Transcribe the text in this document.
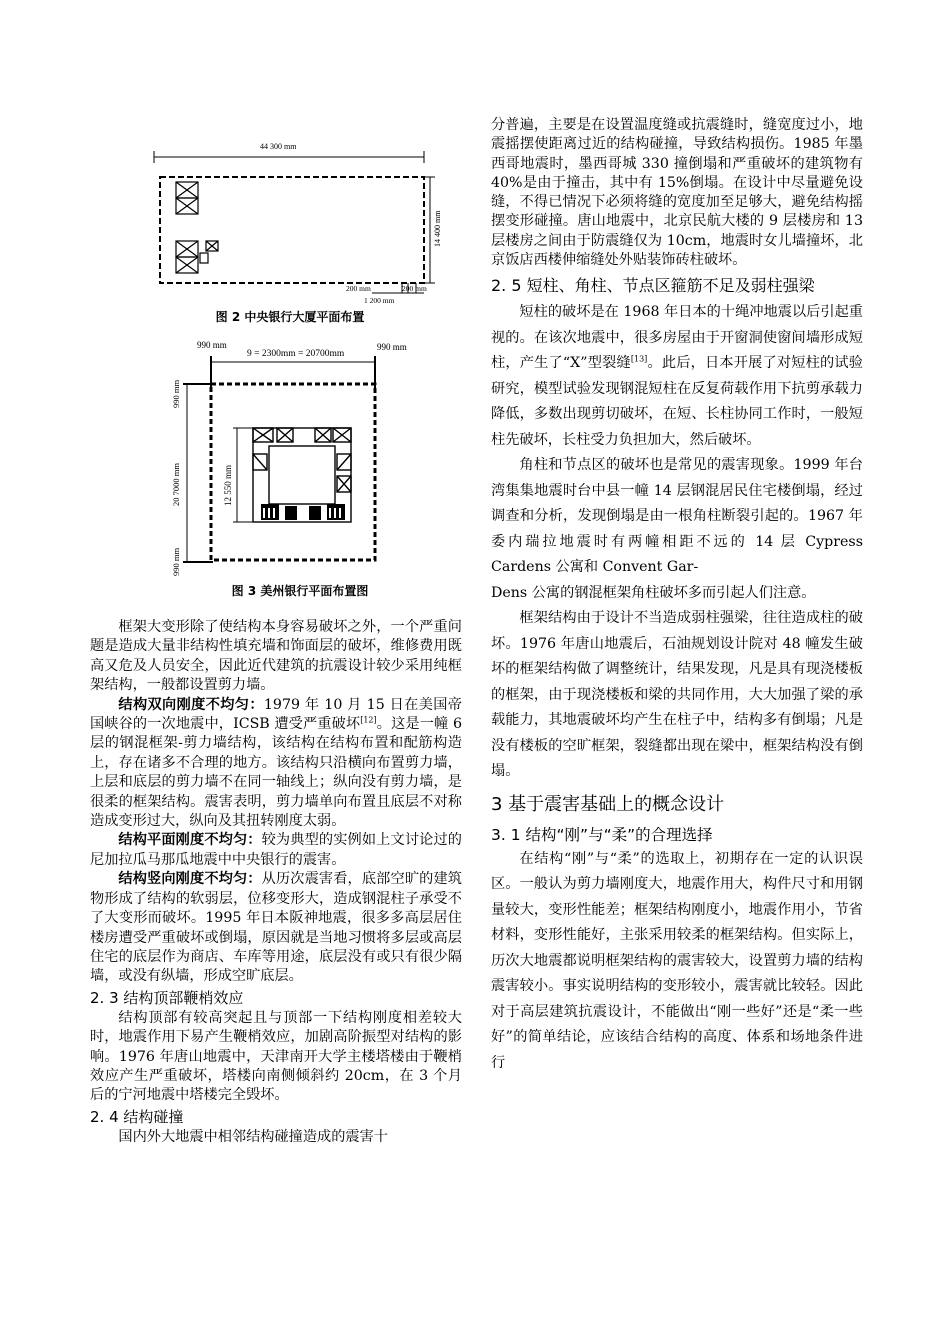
44 300 mm
14 400 mm
200 mm	200 mm
1 200 mm
图 2 中央银行大厦平面布置
990 mm
9 = 2300mm = 20700mm
990 mm
990 mm
20 7000 mm
990 mm
12 550 mm
图 3 美州银行平面布置图

框架大变形除了使结构本身容易破坏之外，一个严重问题是造成大量非结构性填充墙和饰面层的破坏，维修费用既高又危及人员安全，因此近代建筑的抗震设计较少采用纯框架结构，一般都设置剪力墙。

结构双向刚度不均匀：1979 年 10 月 15 日在美国帝国峡谷的一次地震中，ICSB 遭受严重破坏[12]。这是一幢 6 层的钢混框架-剪力墙结构，该结构在结构布置和配筋构造上，存在诸多不合理的地方。该结构只沿横向布置剪力墙，上层和底层的剪力墙不在同一轴线上；纵向没有剪力墙，是很柔的框架结构。震害表明，剪力墙单向布置且底层不对称造成变形过大，纵向及其扭转刚度太弱。

结构平面刚度不均匀：较为典型的实例如上文讨论过的尼加拉瓜马那瓜地震中中央银行的震害。

结构竖向刚度不均匀：从历次震害看，底部空旷的建筑物形成了结构的软弱层，位移变形大，造成钢混柱子承受不了大变形而破坏。1995 年日本阪神地震，很多多高层居住楼房遭受严重破坏或倒塌，原因就是当地习惯将多层或高层住宅的底层作为商店、车库等用途，底层没有或只有很少隔墙，或没有纵墙，形成空旷底层。

2. 3 结构顶部鞭梢效应

结构顶部有较高突起且与顶部一下结构刚度相差较大时，地震作用下易产生鞭梢效应，加剧高阶振型对结构的影响。1976 年唐山地震中，天津南开大学主楼塔楼由于鞭梢效应产生严重破坏，塔楼向南侧倾斜约 20cm，在 3 个月后的宁河地震中塔楼完全毁坏。

2. 4 结构碰撞

国内外大地震中相邻结构碰撞造成的震害十

分普遍，主要是在设置温度缝或抗震缝时，缝宽度过小，地震摇摆使距离过近的结构碰撞，导致结构损伤。1985 年墨西哥地震时，墨西哥城 330 撞倒塌和严重破坏的建筑物有 40%是由于撞击，其中有 15%倒塌。在设计中尽量避免设缝，不得已情况下必须将缝的宽度加至足够大，避免结构摇摆变形碰撞。唐山地震中，北京民航大楼的 9 层楼房和 13 层楼房之间由于防震缝仅为 10cm，地震时女儿墙撞坏，北京饭店西楼伸缩缝处外贴装饰砖柱破坏。

2. 5 短柱、角柱、节点区箍筋不足及弱柱强梁

短柱的破坏是在 1968 年日本的十绳冲地震以后引起重视的。在该次地震中，很多房屋由于开窗洞使窗间墙形成短柱，产生了“X”型裂缝[13]。此后，日本开展了对短柱的试验研究，模型试验发现钢混短柱在反复荷载作用下抗剪承载力降低，多数出现剪切破坏，在短、长柱协同工作时，一般短柱先破坏，长柱受力负担加大，然后破坏。

角柱和节点区的破坏也是常见的震害现象。1999 年台湾集集地震时台中县一幢 14 层钢混居民住宅楼倒塌，经过调查和分析，发现倒塌是由一根角柱断裂引起的。1967 年委内瑞拉地震时有两幢相距不远的 14 层 Cypress Cardens 公寓和 Convent Gar-

Dens 公寓的钢混框架角柱破坏多而引起人们注意。

框架结构由于设计不当造成弱柱强梁，往往造成柱的破坏。1976 年唐山地震后，石油规划设计院对 48 幢发生破坏的框架结构做了调整统计，结果发现，凡是具有现浇楼板的框架，由于现浇楼板和梁的共同作用，大大加强了梁的承载能力，其地震破坏均产生在柱子中，结构多有倒塌；凡是没有楼板的空旷框架，裂缝都出现在梁中，框架结构没有倒塌。

3 基于震害基础上的概念设计

3. 1 结构“刚”与“柔”的合理选择

在结构“刚”与“柔”的选取上，初期存在一定的认识误区。一般认为剪力墙刚度大，地震作用大，构件尺寸和用钢量较大，变形性能差；框架结构刚度小，地震作用小，节省材料，变形性能好，主张采用较柔的框架结构。但实际上，历次大地震都说明框架结构的震害较大，设置剪力墙的结构震害较小。事实说明结构的变形较小，震害就比较轻。因此对于高层建筑抗震设计，不能做出“刚一些好”还是“柔一些好”的简单结论，应该结合结构的高度、体系和场地条件进行
